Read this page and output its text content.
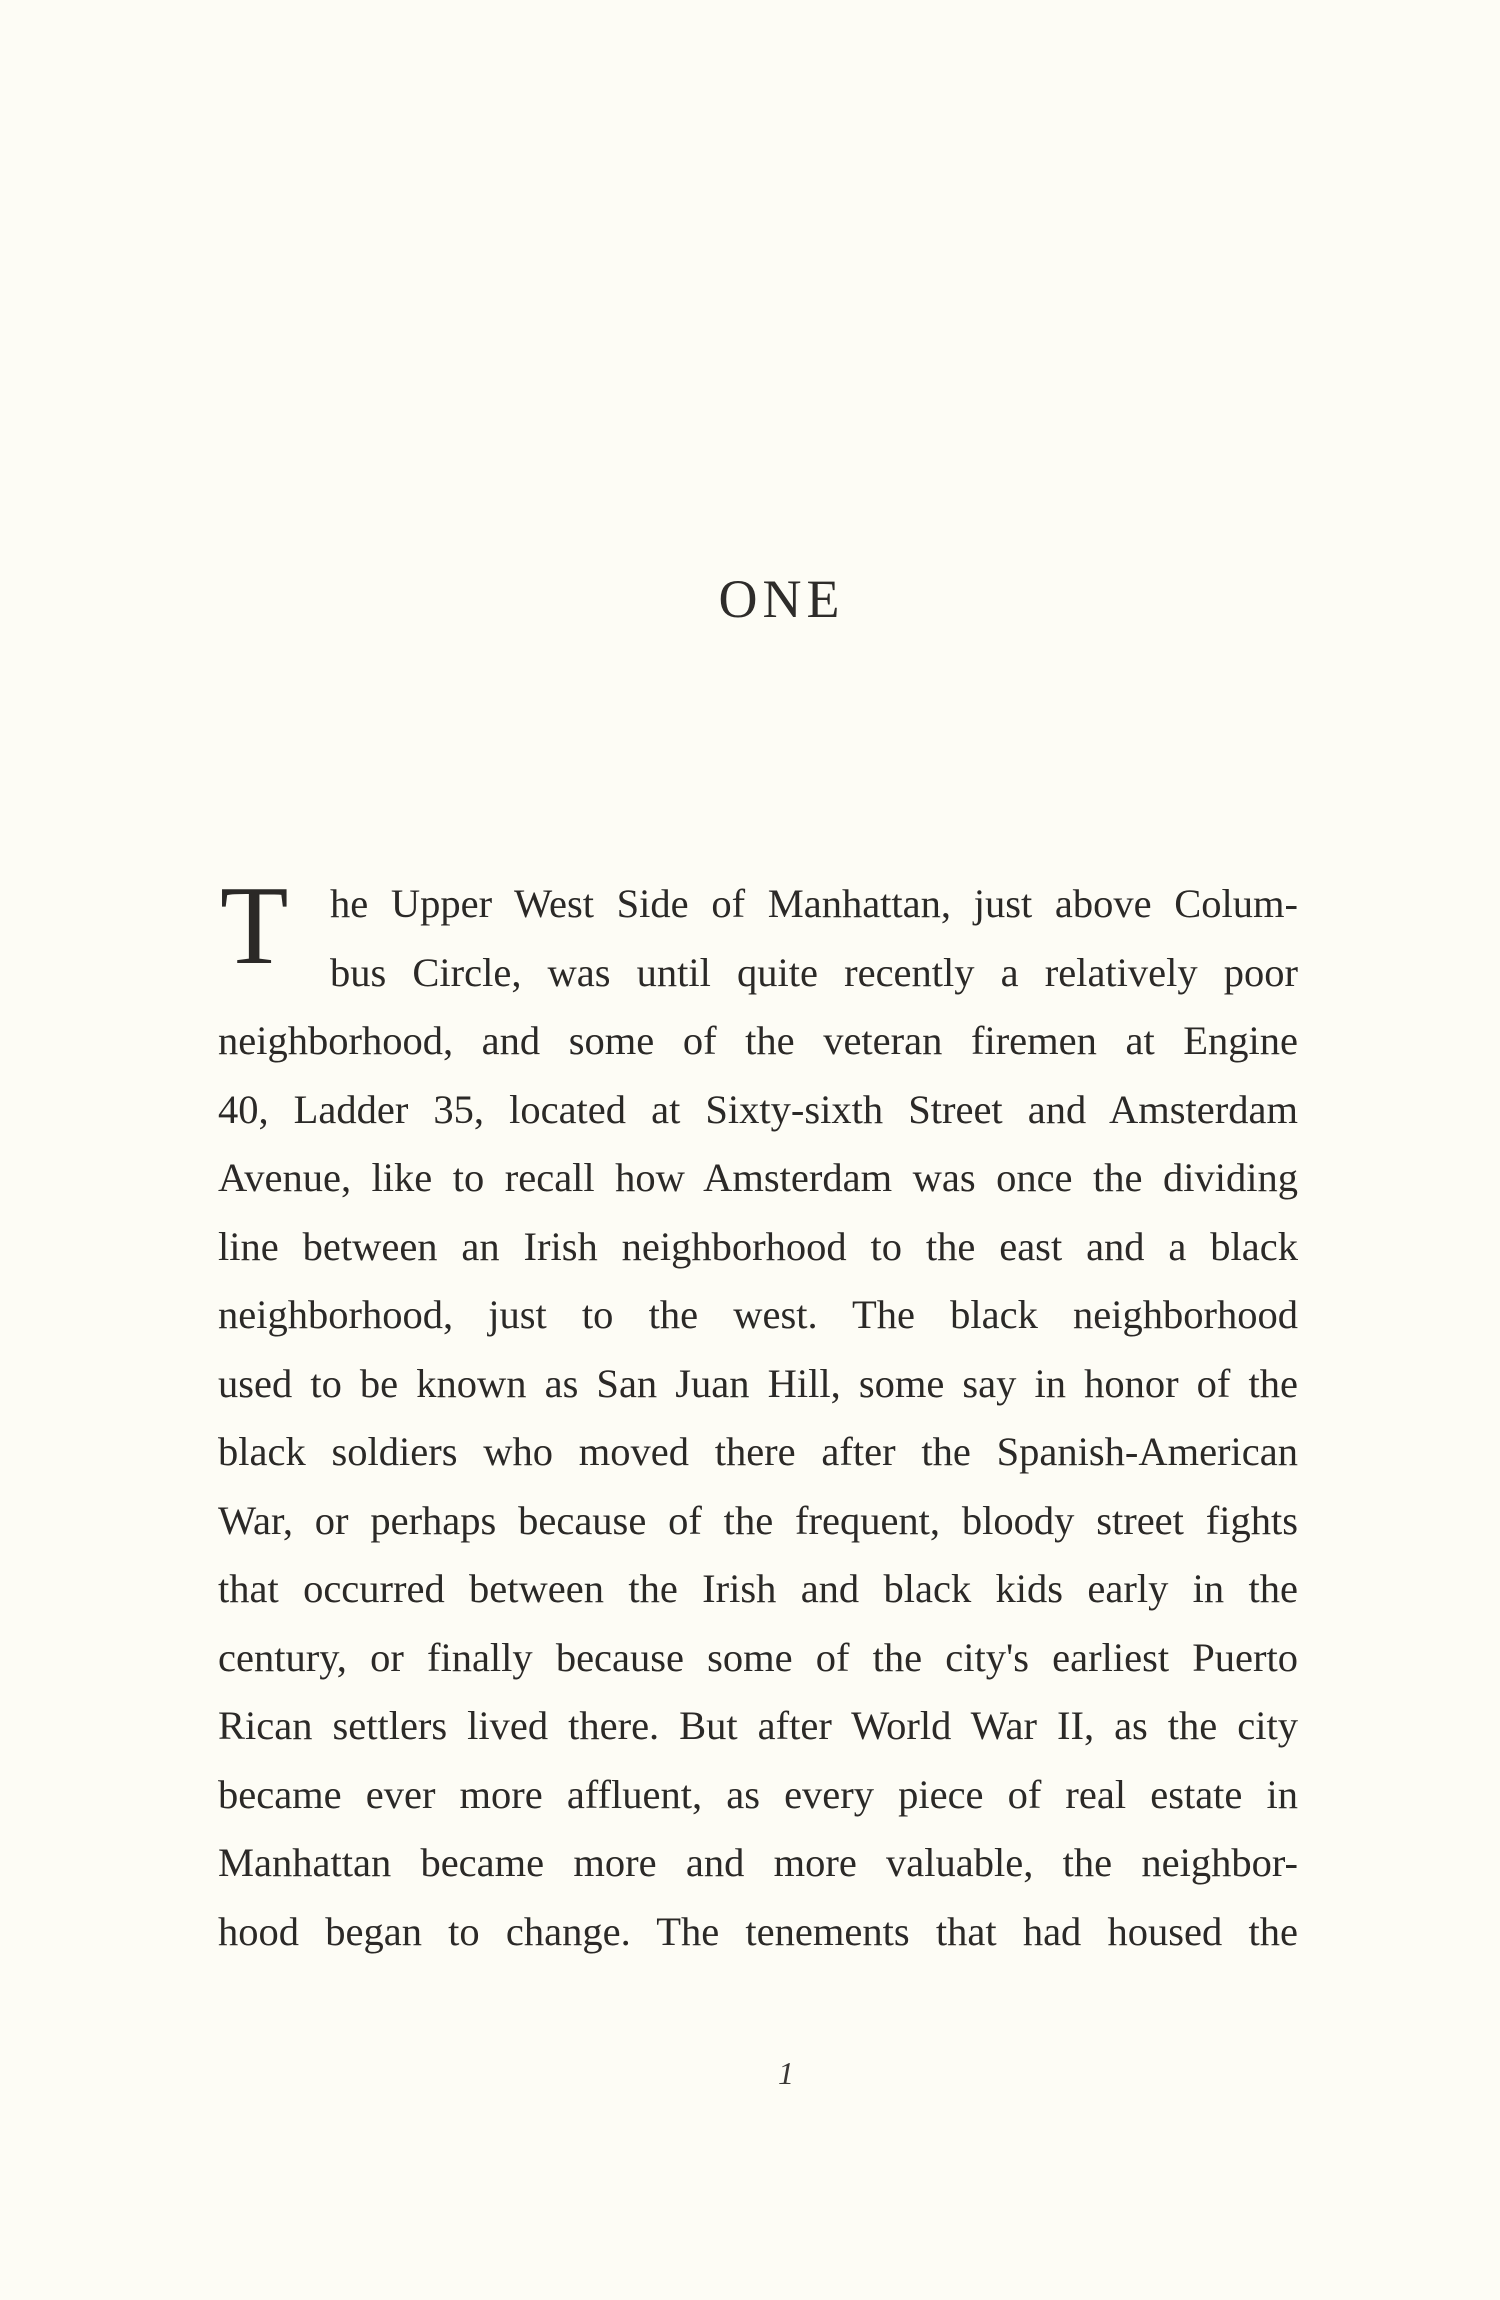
ONE
T he Upper West Side of Manhattan, just above Colum-
bus Circle, was until quite recently a relatively poor
neighborhood, and some of the veteran firemen at Engine
40, Ladder 35, located at Sixty-sixth Street and Amsterdam
Avenue, like to recall how Amsterdam was once the dividing
line between an Irish neighborhood to the east and a black
neighborhood, just to the west. The black neighborhood
used to be known as San Juan Hill, some say in honor of the
black soldiers who moved there after the Spanish-American
War, or perhaps because of the frequent, bloody street fights
that occurred between the Irish and black kids early in the
century, or finally because some of the city's earliest Puerto
Rican settlers lived there. But after World War II, as the city
became ever more affluent, as every piece of real estate in
Manhattan became more and more valuable, the neighbor-
hood began to change. The tenements that had housed the
1
